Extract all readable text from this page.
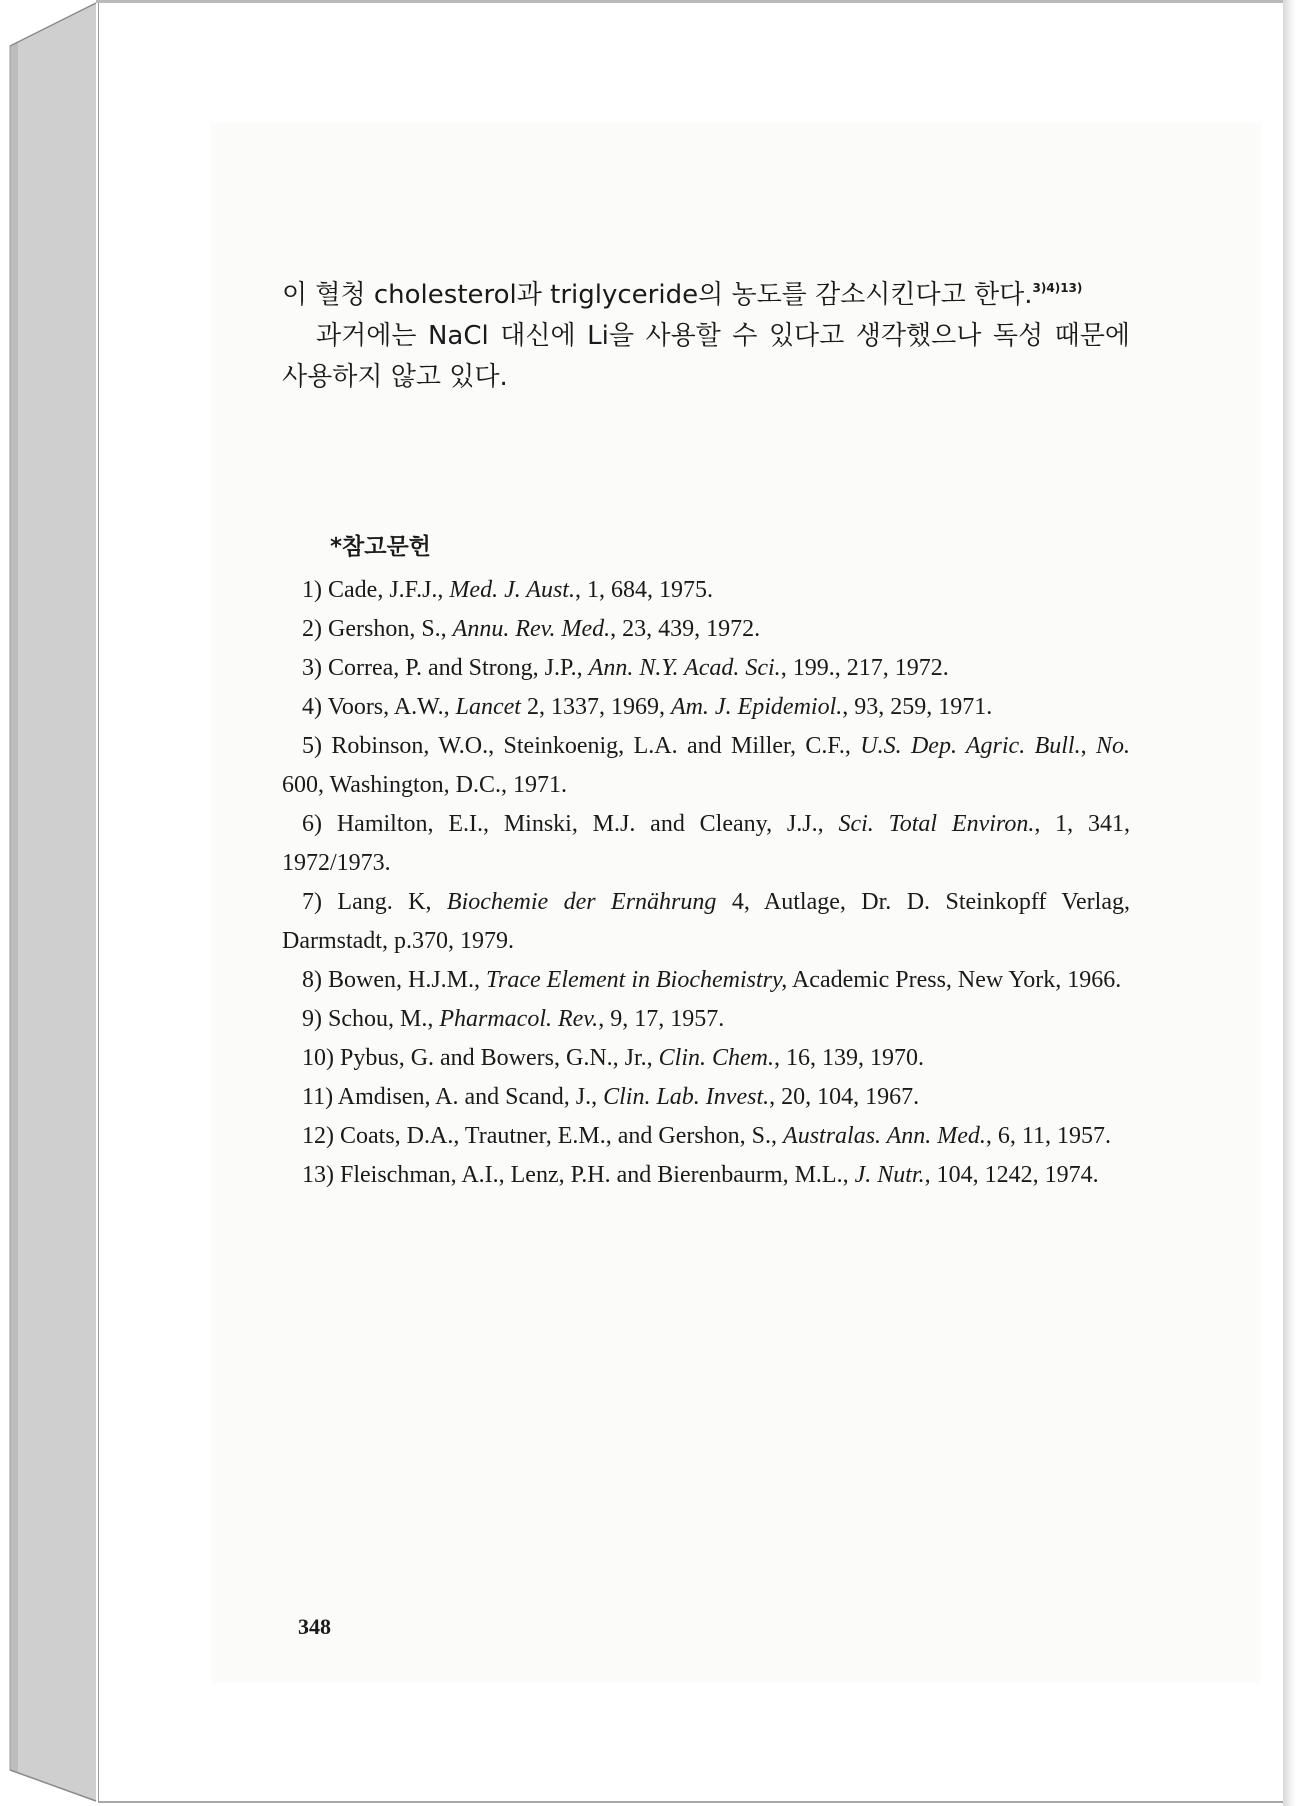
이 혈청 cholesterol과 triglyceride의 농도를 감소시킨다고 한다.$^{3)4)13)}$

과거에는 NaCl 대신에 Li을 사용할 수 있다고 생각했으나 독성 때문에 사용하지 않고 있다.

*참고문헌

1) Cade, J.F.J., Med. J. Aust., 1, 684, 1975.

2) Gershon, S., Annu. Rev. Med., 23, 439, 1972.

3) Correa, P. and Strong, J.P., Ann. N.Y. Acad. Sci., 199., 217, 1972.

4) Voors, A.W., Lancet 2, 1337, 1969, Am. J. Epidemiol., 93, 259, 1971.

5) Robinson, W.O., Steinkoenig, L.A. and Miller, C.F., U.S. Dep. Agric. Bull., No. 600, Washington, D.C., 1971.

6) Hamilton, E.I., Minski, M.J. and Cleany, J.J., Sci. Total Environ., 1, 341, 1972/1973.

7) Lang. K, Biochemie der Ernährung 4, Autlage, Dr. D. Steinkopff Verlag, Darmstadt, p.370, 1979.

8) Bowen, H.J.M., Trace Element in Biochemistry, Academic Press, New York, 1966.

9) Schou, M., Pharmacol. Rev., 9, 17, 1957.

10) Pybus, G. and Bowers, G.N., Jr., Clin. Chem., 16, 139, 1970.

11) Amdisen, A. and Scand, J., Clin. Lab. Invest., 20, 104, 1967.

12) Coats, D.A., Trautner, E.M., and Gershon, S., Australas. Ann. Med., 6, 11, 1957.

13) Fleischman, A.I., Lenz, P.H. and Bierenbaurm, M.L., J. Nutr., 104, 1242, 1974.

348
